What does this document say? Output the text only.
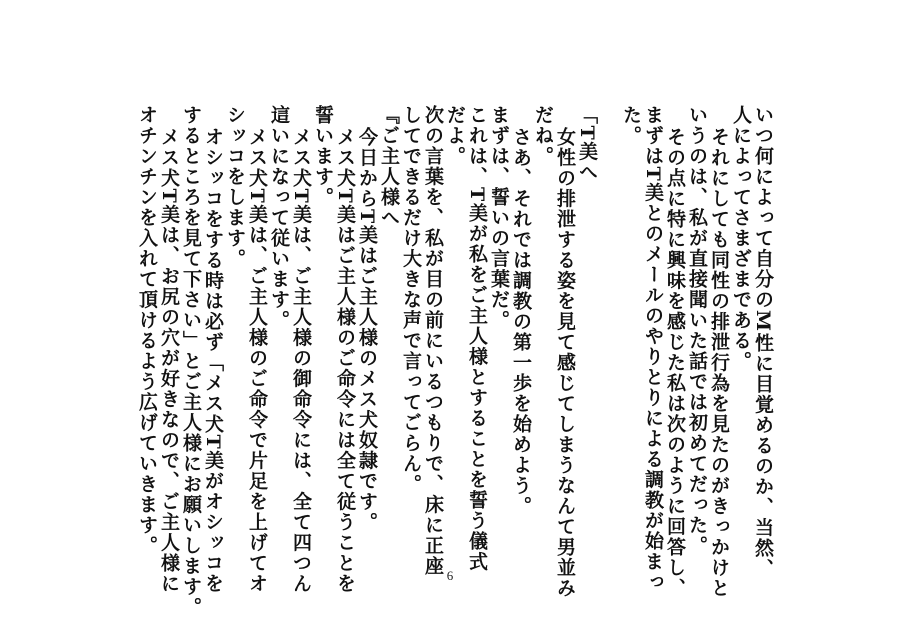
いつ何によって自分のM性に目覚めるのか、当然、
人によってさまざまである。
それにしても同性の排泄行為を見たのがきっかけと
いうのは、私が直接聞いた話では初めてだった。
その点に特に興味を感じた私は次のように回答し、
まずはT美とのメールのやりとりによる調教が始まっ
た。
「T美へ
女性の排泄する姿を見て感じてしまうなんて男並み
だね。
さあ、それでは調教の第一歩を始めよう。
まずは、誓いの言葉だ。
これは、T美が私をご主人様とすることを誓う儀式
だよ。
次の言葉を、私が目の前にいるつもりで、床に正座
してできるだけ大きな声で言ってごらん。
『ご主人様へ
今日からT美はご主人様のメス犬奴隷です。
メス犬T美はご主人様のご命令には全て従うことを
誓います。
メス犬T美は、ご主人様の御命令には、全て四つん
這いになって従います。
メス犬T美は、ご主人様のご命令で片足を上げてオ
シッコをします。
オシッコをする時は必ず「メス犬T美がオシッコを
するところを見て下さい」とご主人様にお願いします。
メス犬T美は、お尻の穴が好きなので、ご主人様に
オチンチンを入れて頂けるよう広げていきます。
6
